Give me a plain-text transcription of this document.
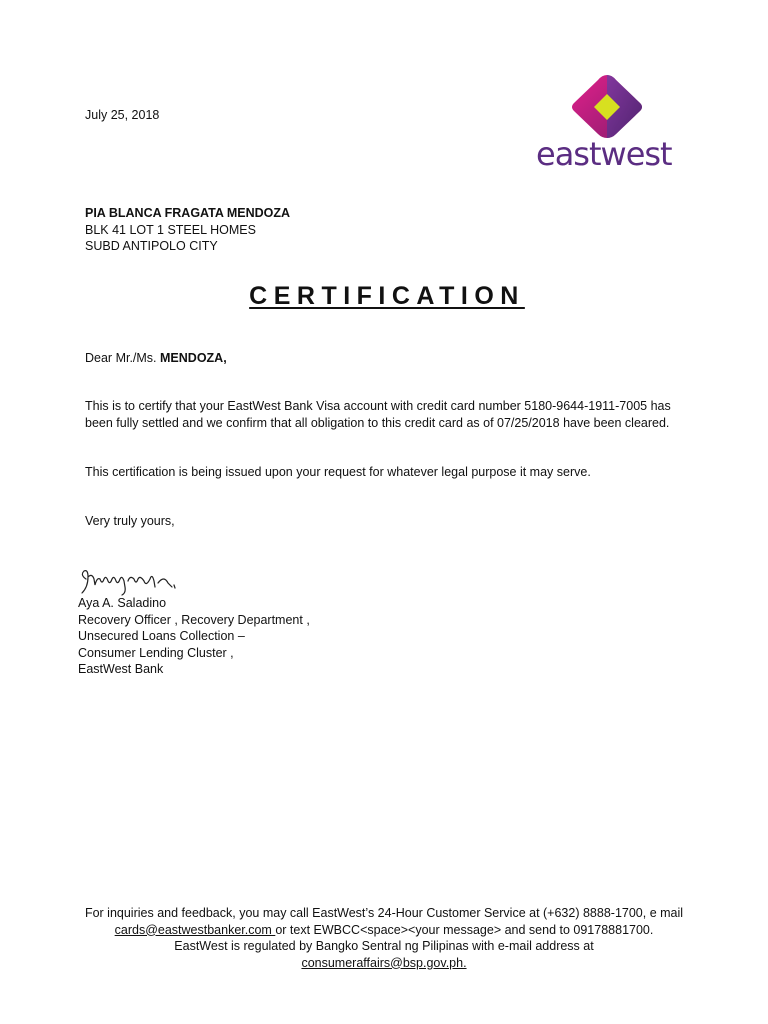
July 25, 2018
eastwest
PIA BLANCA FRAGATA MENDOZA
BLK 41 LOT 1 STEEL HOMES
SUBD ANTIPOLO CITY
CERTIFICATION
Dear Mr./Ms. MENDOZA,
This is to certify that your EastWest Bank Visa account with credit card number 5180-9644-1911-7005 has been fully settled and we confirm that all obligation to this credit card as of 07/25/2018 have been cleared.
This certification is being issued upon your request for whatever legal purpose it may serve.
Very truly yours,
Aya A. Saladino
Recovery Officer , Recovery Department ,
Unsecured Loans Collection –
Consumer Lending Cluster ,
EastWest Bank
For inquiries and feedback, you may call EastWest’s 24-Hour Customer Service at (+632) 8888-1700, e mail cards@eastwestbanker.com or text EWBCC<space><your message> and send to 09178881700.
EastWest is regulated by Bangko Sentral ng Pilipinas with e-mail address at
consumeraffairs@bsp.gov.ph.
